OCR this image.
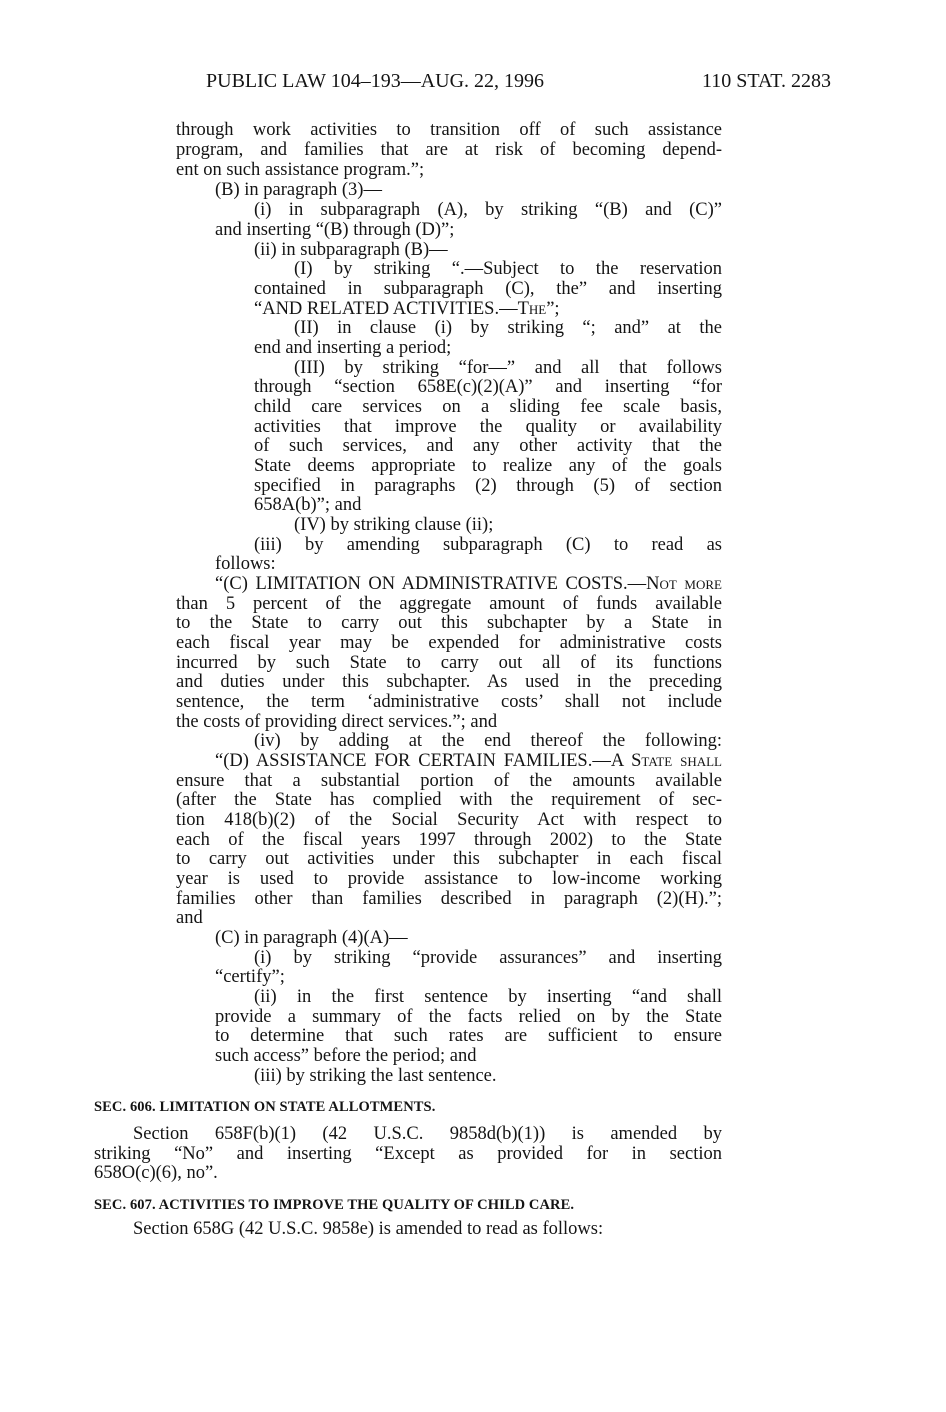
PUBLIC LAW 104–193—AUG. 22, 1996	110 STAT. 2283
through work activities to transition off of such assistance
program, and families that are at risk of becoming depend-
ent on such assistance program.”;
(B) in paragraph (3)—
(i) in subparagraph (A), by striking “(B) and (C)”
and inserting “(B) through (D)”;
(ii) in subparagraph (B)—
(I) by striking “.—Subject to the reservation
contained in subparagraph (C), the” and inserting
“AND RELATED ACTIVITIES.—The”;
(II) in clause (i) by striking “; and” at the
end and inserting a period;
(III) by striking “for—” and all that follows
through “section 658E(c)(2)(A)” and inserting “for
child care services on a sliding fee scale basis,
activities that improve the quality or availability
of such services, and any other activity that the
State deems appropriate to realize any of the goals
specified in paragraphs (2) through (5) of section
658A(b)”; and
(IV) by striking clause (ii);
(iii) by amending subparagraph (C) to read as
follows:
“(C) LIMITATION ON ADMINISTRATIVE COSTS.—Not more
than 5 percent of the aggregate amount of funds available
to the State to carry out this subchapter by a State in
each fiscal year may be expended for administrative costs
incurred by such State to carry out all of its functions
and duties under this subchapter. As used in the preceding
sentence, the term ‘administrative costs’ shall not include
the costs of providing direct services.”; and
(iv) by adding at the end thereof the following:
“(D) ASSISTANCE FOR CERTAIN FAMILIES.—A State shall
ensure that a substantial portion of the amounts available
(after the State has complied with the requirement of sec-
tion 418(b)(2) of the Social Security Act with respect to
each of the fiscal years 1997 through 2002) to the State
to carry out activities under this subchapter in each fiscal
year is used to provide assistance to low-income working
families other than families described in paragraph (2)(H).”;
and
(C) in paragraph (4)(A)—
(i) by striking “provide assurances” and inserting
“certify”;
(ii) in the first sentence by inserting “and shall
provide a summary of the facts relied on by the State
to determine that such rates are sufficient to ensure
such access” before the period; and
(iii) by striking the last sentence.
SEC. 606. LIMITATION ON STATE ALLOTMENTS.
Section 658F(b)(1) (42 U.S.C. 9858d(b)(1)) is amended by
striking “No” and inserting “Except as provided for in section
658O(c)(6), no”.
SEC. 607. ACTIVITIES TO IMPROVE THE QUALITY OF CHILD CARE.
Section 658G (42 U.S.C. 9858e) is amended to read as follows:
